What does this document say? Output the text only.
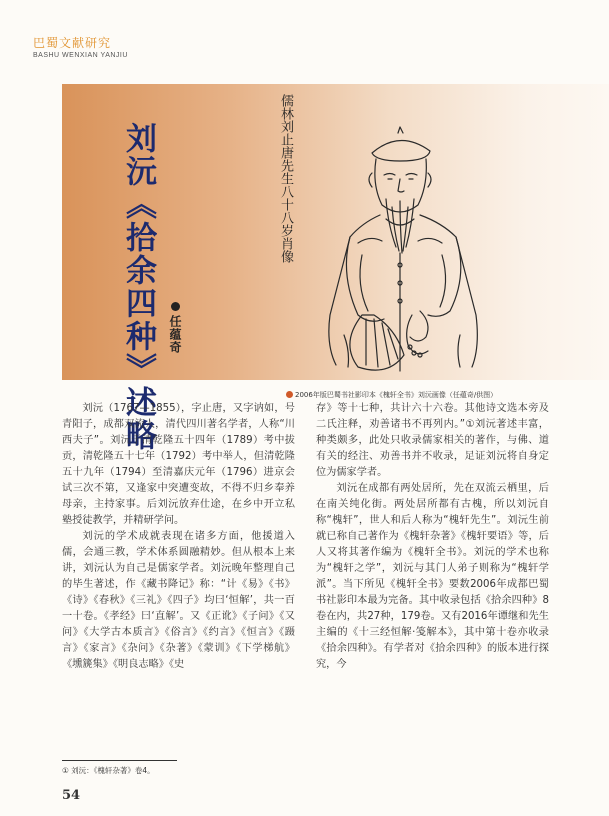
巴蜀文献研究
BASHU WENXIAN YANJIU
刘沅《拾余四种》述略	任蕴奇
儒林刘止唐先生八十八岁肖像
2006年版巴蜀书社影印本《槐轩全书》刘沅画像（任蕴奇/供图）

刘沅（1767—1855），字止唐，又字讷如，号青阳子，成都双流人，清代四川著名学者，人称“川西夫子”。刘沅于清乾隆五十四年（1789）考中拔贡，清乾隆五十七年（1792）考中举人，但清乾隆五十九年（1794）至清嘉庆元年（1796）进京会试三次不第，又逢家中突遭变故，不得不归乡奉养母亲，主持家事。后刘沅放弃仕途，在乡中开立私塾授徒教学，并精研学问。

刘沅的学术成就表现在诸多方面，他援道入儒，会通三教，学术体系圆融精妙。但从根本上来讲，刘沅认为自己是儒家学者。刘沅晚年整理自己的毕生著述，作《藏书降记》称：“计《易》《书》《诗》《春秋》《三礼》《四子》均曰‘恒解’，共一百一十卷。《孝经》曰‘直解’。又《正讹》《子问》《又问》《大学古本质言》《俗言》《约言》《恒言》《蹑言》《家言》《杂问》《杂著》《蒙训》《下学梯航》《壎篪集》《明良志略》《史

存》等十七种，共计六十六卷。其他诗文选本旁及二氏注释，劝善诸书不再列内。”①刘沅著述丰富，种类颇多，此处只收录儒家相关的著作，与佛、道有关的经注、劝善书并不收录，足证刘沅将自身定位为儒家学者。

刘沅在成都有两处居所，先在双流云栖里，后在南关纯化街。两处居所都有古槐，所以刘沅自称“槐轩”，世人和后人称为“槐轩先生”。刘沅生前就已称自己著作为《槐轩杂著》《槐轩要语》等，后人又将其著作编为《槐轩全书》。刘沅的学术也称为“槐轩之学”，刘沅与其门人弟子则称为“槐轩学派”。当下所见《槐轩全书》要数2006年成都巴蜀书社影印本最为完备。其中收录包括《拾余四种》8卷在内，共27种，179卷。又有2016年谭继和先生主编的《十三经恒解·笺解本》，其中第十卷亦收录《拾余四种》。有学者对《拾余四种》的版本进行探究，今

① 刘沅：《槐轩杂著》卷4。
54
